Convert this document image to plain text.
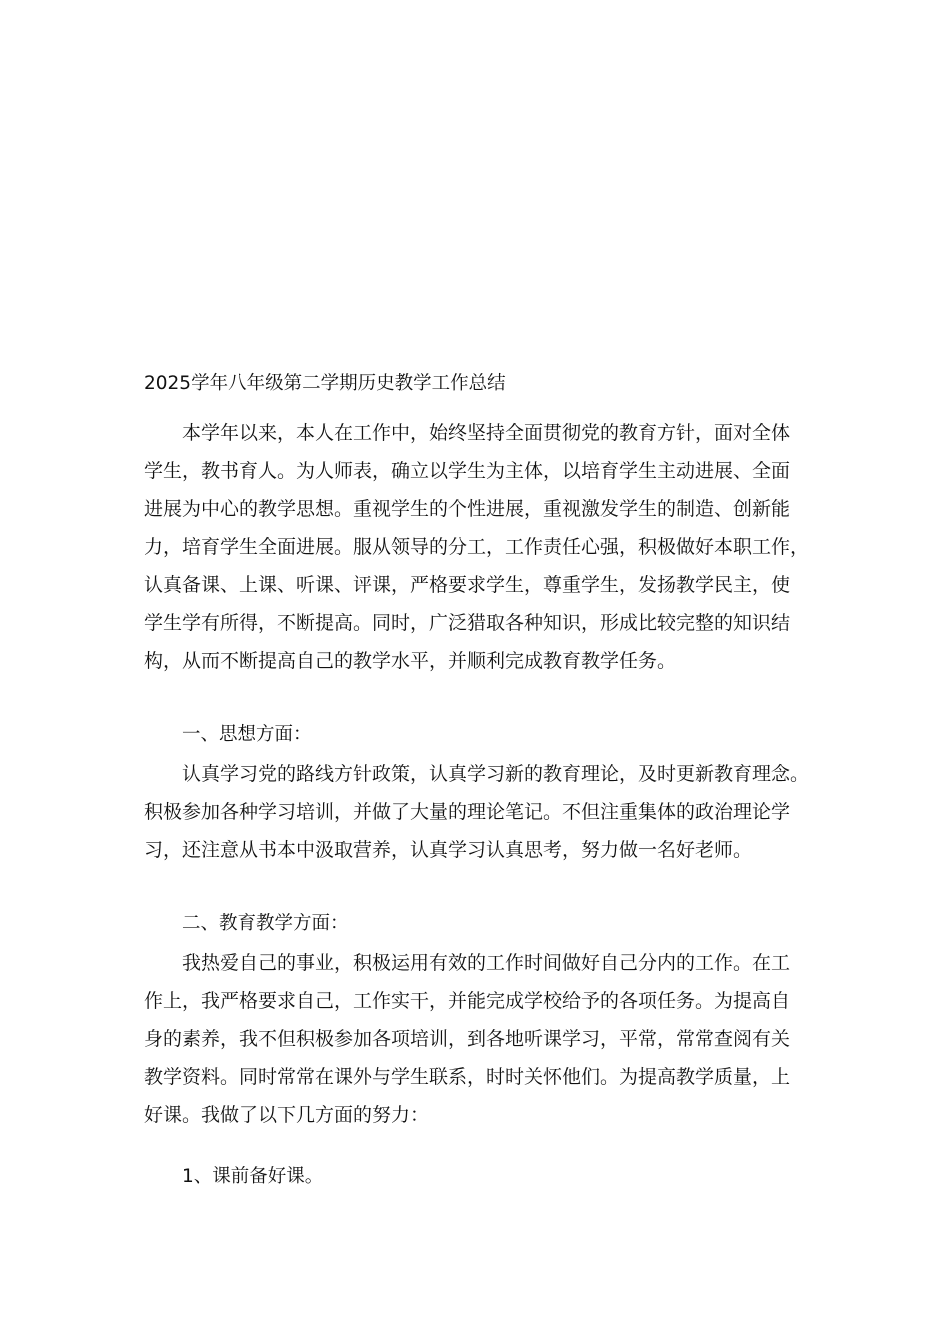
2025学年八年级第二学期历史教学工作总结
　　本学年以来，本人在工作中，始终坚持全面贯彻党的教育方针，面对全体
学生，教书育人。为人师表，确立以学生为主体，以培育学生主动进展、全面
进展为中心的教学思想。重视学生的个性进展，重视激发学生的制造、创新能
力，培育学生全面进展。服从领导的分工，工作责任心强，积极做好本职工作，
认真备课、上课、听课、评课，严格要求学生，尊重学生，发扬教学民主，使
学生学有所得，不断提高。同时，广泛猎取各种知识，形成比较完整的知识结
构，从而不断提高自己的教学水平，并顺利完成教育教学任务。
一、思想方面：
　　认真学习党的路线方针政策，认真学习新的教育理论，及时更新教育理念。
积极参加各种学习培训，并做了大量的理论笔记。不但注重集体的政治理论学
习，还注意从书本中汲取营养，认真学习认真思考，努力做一名好老师。
二、教育教学方面：
　　我热爱自己的事业，积极运用有效的工作时间做好自己分内的工作。在工
作上，我严格要求自己，工作实干，并能完成学校给予的各项任务。为提高自
身的素养，我不但积极参加各项培训，到各地听课学习，平常，常常查阅有关
教学资料。同时常常在课外与学生联系，时时关怀他们。为提高教学质量，上
好课。我做了以下几方面的努力：
1、课前备好课。
